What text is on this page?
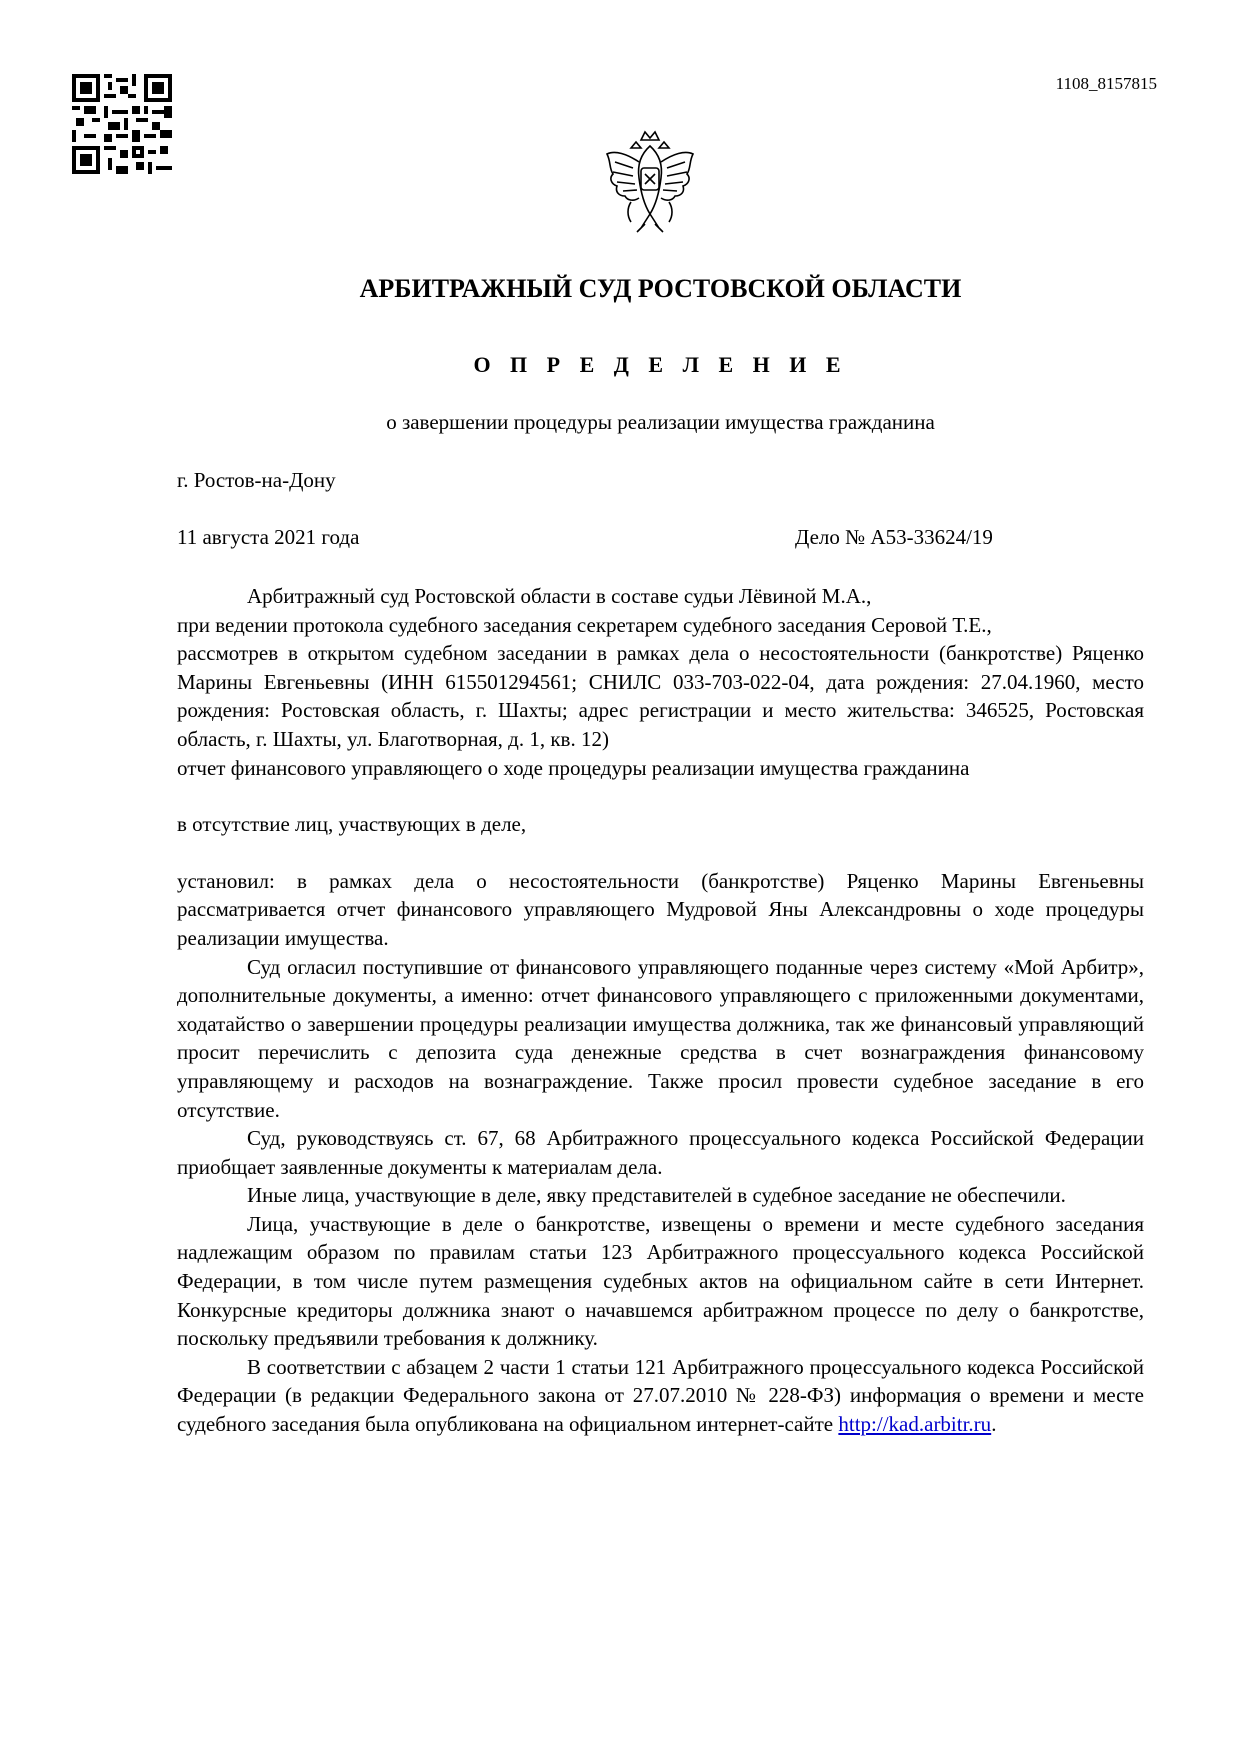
1108_8157815
АРБИТРАЖНЫЙ СУД РОСТОВСКОЙ ОБЛАСТИ
О П Р Е Д Е Л Е Н И Е
о завершении процедуры реализации имущества гражданина
г. Ростов-на-Дону
11 августа 2021 года	Дело № А53-33624/19

Арбитражный суд Ростовской области в составе судьи Лёвиной М.А.,

при ведении протокола судебного заседания секретарем судебного заседания Серовой Т.Е.,

рассмотрев в открытом судебном заседании в рамках дела о несостоятельности (банкротстве) Ряценко Марины Евгеньевны (ИНН 615501294561; СНИЛС 033-703-022-04, дата рождения: 27.04.1960, место рождения: Ростовская область, г. Шахты; адрес регистрации и место жительства: 346525, Ростовская область, г. Шахты, ул. Благотворная, д. 1, кв. 12)

отчет финансового управляющего о ходе процедуры реализации имущества гражданина

в отсутствие лиц, участвующих в деле,

установил: в рамках дела о несостоятельности (банкротстве) Ряценко Марины Евгеньевны рассматривается отчет финансового управляющего Мудровой Яны Александровны о ходе процедуры реализации имущества.

Суд огласил поступившие от финансового управляющего поданные через систему «Мой Арбитр», дополнительные документы, а именно: отчет финансового управляющего с приложенными документами, ходатайство о завершении процедуры реализации имущества должника, так же финансовый управляющий просит перечислить с депозита суда денежные средства в счет вознаграждения финансовому управляющему и расходов на вознаграждение. Также просил провести судебное заседание в его отсутствие.

Суд, руководствуясь ст. 67, 68 Арбитражного процессуального кодекса Российской Федерации приобщает заявленные документы к материалам дела.

Иные лица, участвующие в деле, явку представителей в судебное заседание не обеспечили.

Лица, участвующие в деле о банкротстве, извещены о времени и месте судебного заседания надлежащим образом по правилам статьи 123 Арбитражного процессуального кодекса Российской Федерации, в том числе путем размещения судебных актов на официальном сайте в сети Интернет. Конкурсные кредиторы должника знают о начавшемся арбитражном процессе по делу о банкротстве, поскольку предъявили требования к должнику.

В соответствии с абзацем 2 части 1 статьи 121 Арбитражного процессуального кодекса Российской Федерации (в редакции Федерального закона от 27.07.2010 № 228-ФЗ) информация о времени и месте судебного заседания была опубликована на официальном интернет-сайте http://kad.arbitr.ru.
